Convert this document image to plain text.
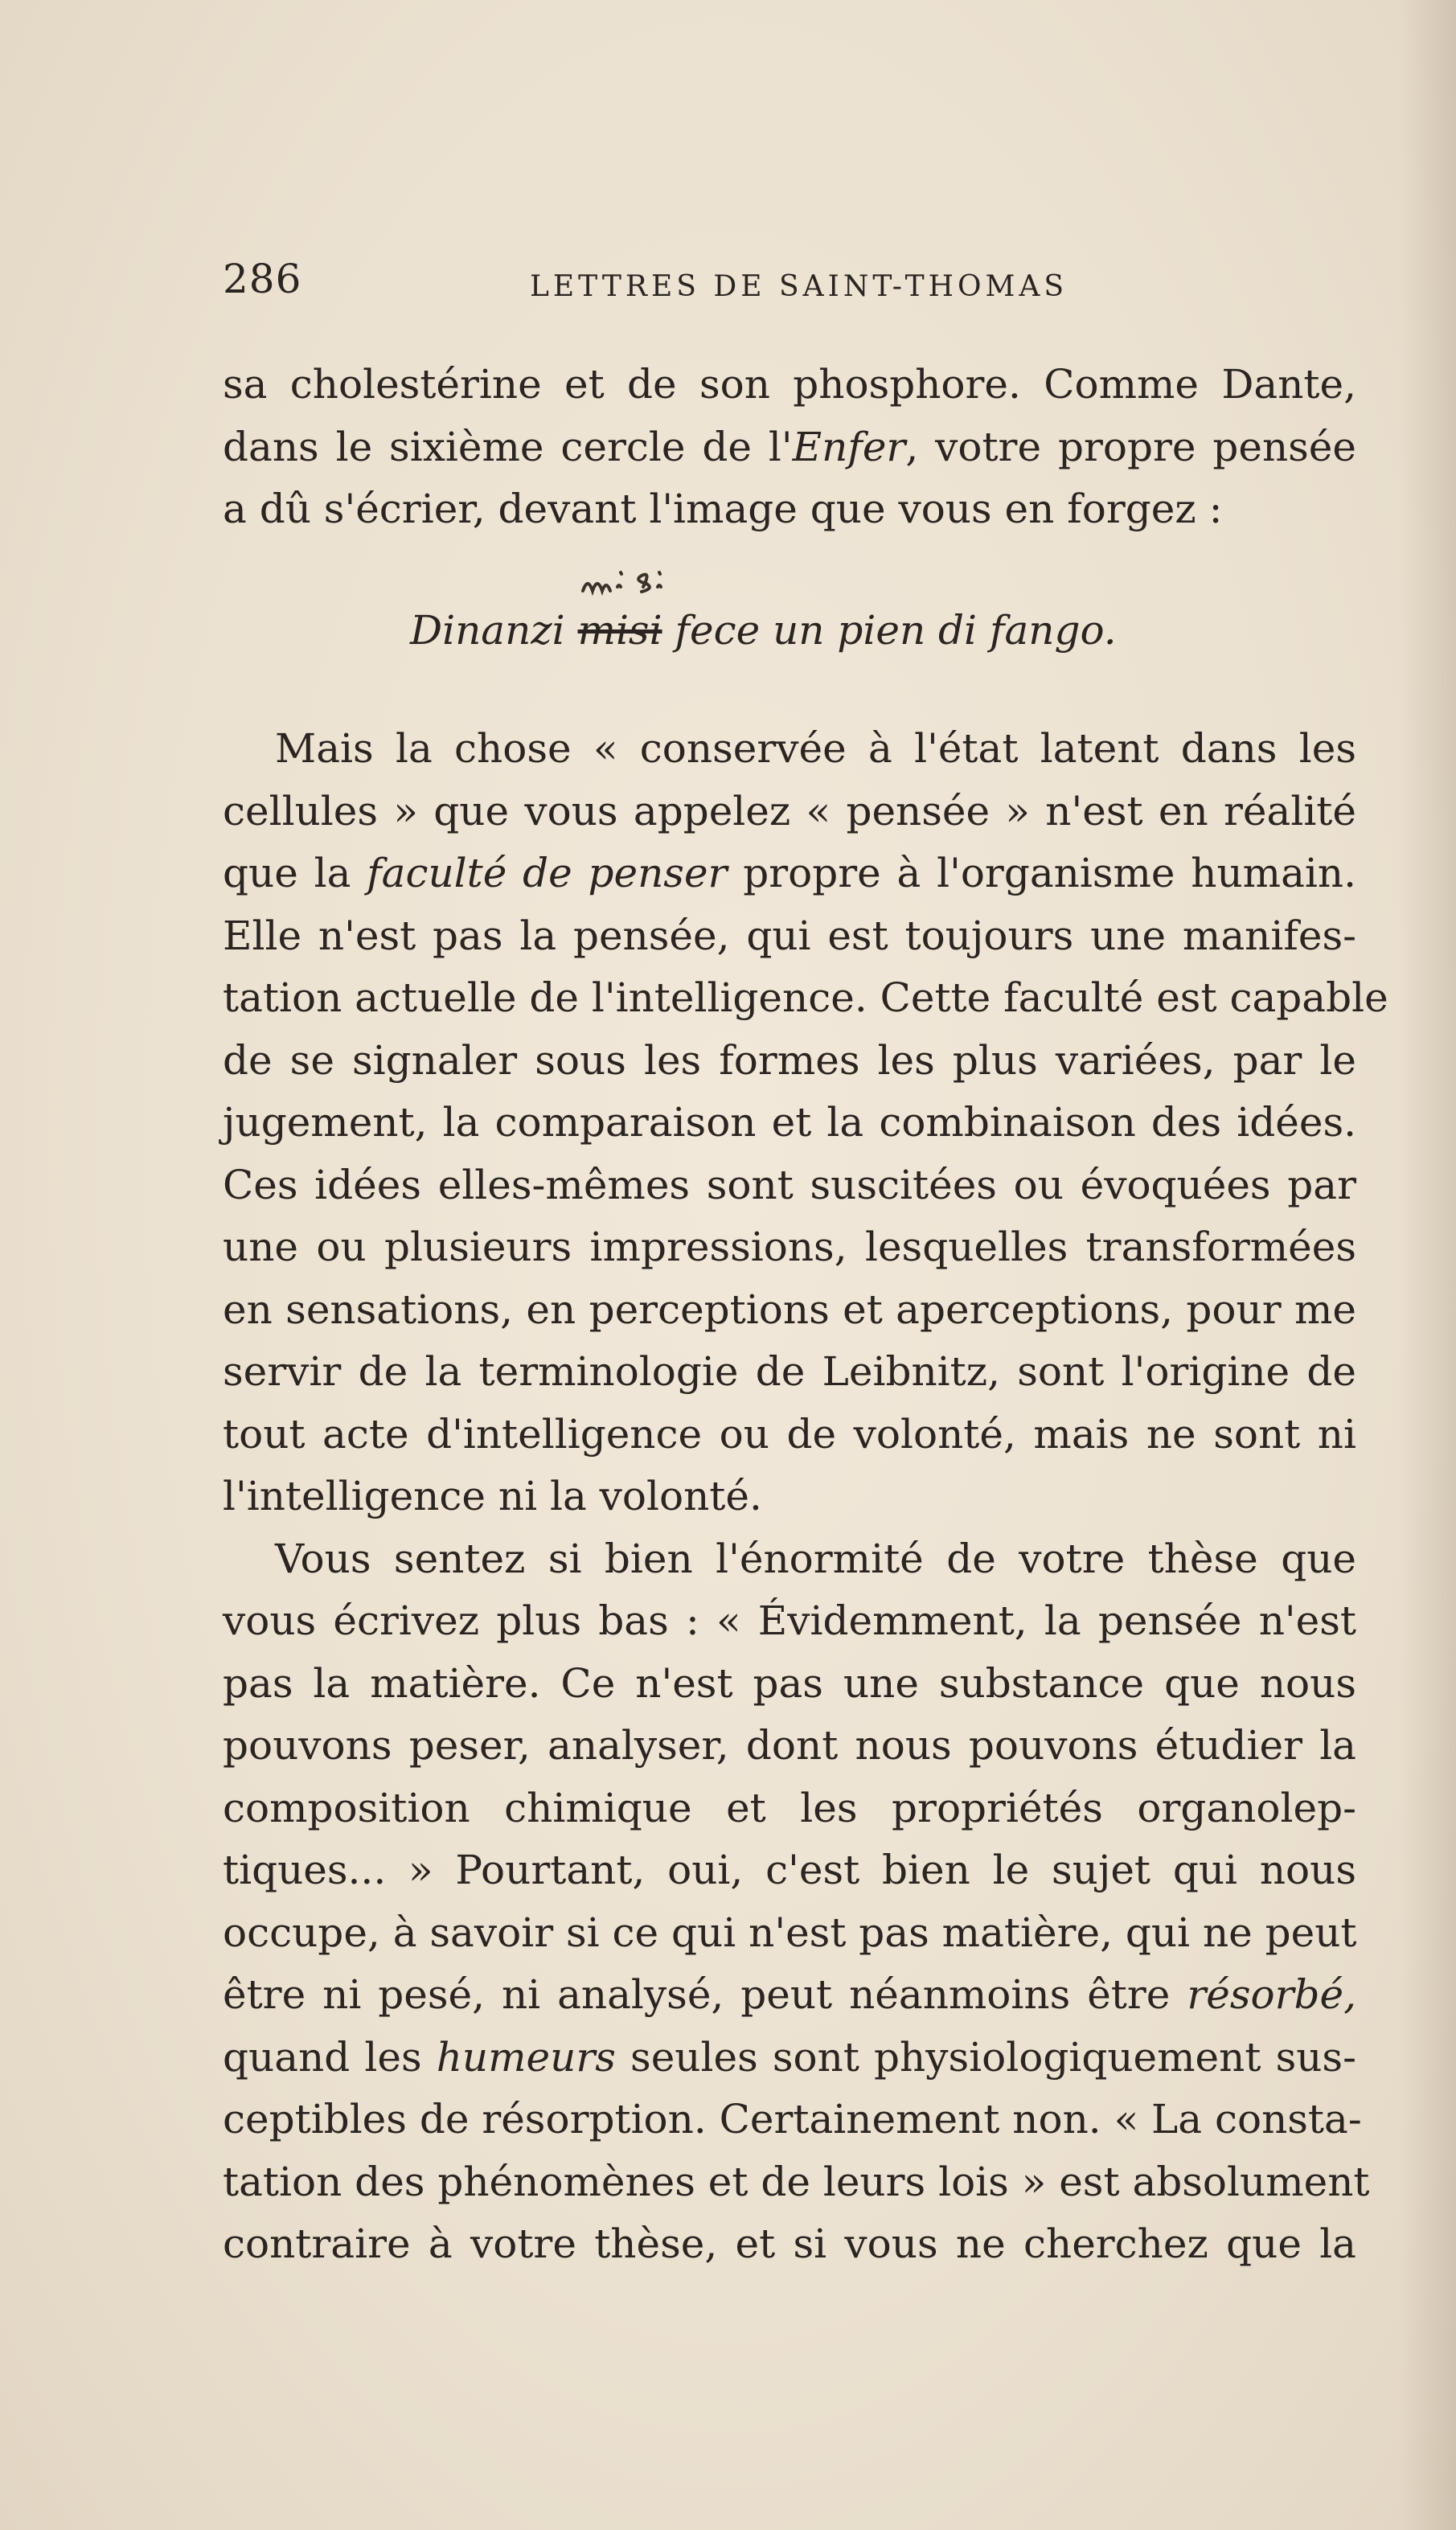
286	LETTRES DE SAINT-THOMAS
sa cholestérine et de son phosphore. Comme Dante,
dans le sixième cercle de l'Enfer, votre propre pensée
a dû s'écrier, devant l'image que vous en forgez :
Dinanzi misi fece un pien di fango.
Mais la chose « conservée à l'état latent dans les
cellules » que vous appelez « pensée » n'est en réalité
que la faculté de penser propre à l'organisme humain.
Elle n'est pas la pensée, qui est toujours une manifes-
tation actuelle de l'intelligence. Cette faculté est capable
de se signaler sous les formes les plus variées, par le
jugement, la comparaison et la combinaison des idées.
Ces idées elles-mêmes sont suscitées ou évoquées par
une ou plusieurs impressions, lesquelles transformées
en sensations, en perceptions et aperceptions, pour me
servir de la terminologie de Leibnitz, sont l'origine de
tout acte d'intelligence ou de volonté, mais ne sont ni
l'intelligence ni la volonté.
Vous sentez si bien l'énormité de votre thèse que
vous écrivez plus bas : « Évidemment, la pensée n'est
pas la matière. Ce n'est pas une substance que nous
pouvons peser, analyser, dont nous pouvons étudier la
composition chimique et les propriétés organolep-
tiques... » Pourtant, oui, c'est bien le sujet qui nous
occupe, à savoir si ce qui n'est pas matière, qui ne peut
être ni pesé, ni analysé, peut néanmoins être résorbé,
quand les humeurs seules sont physiologiquement sus-
ceptibles de résorption. Certainement non. « La consta-
tation des phénomènes et de leurs lois » est absolument
contraire à votre thèse, et si vous ne cherchez que la
